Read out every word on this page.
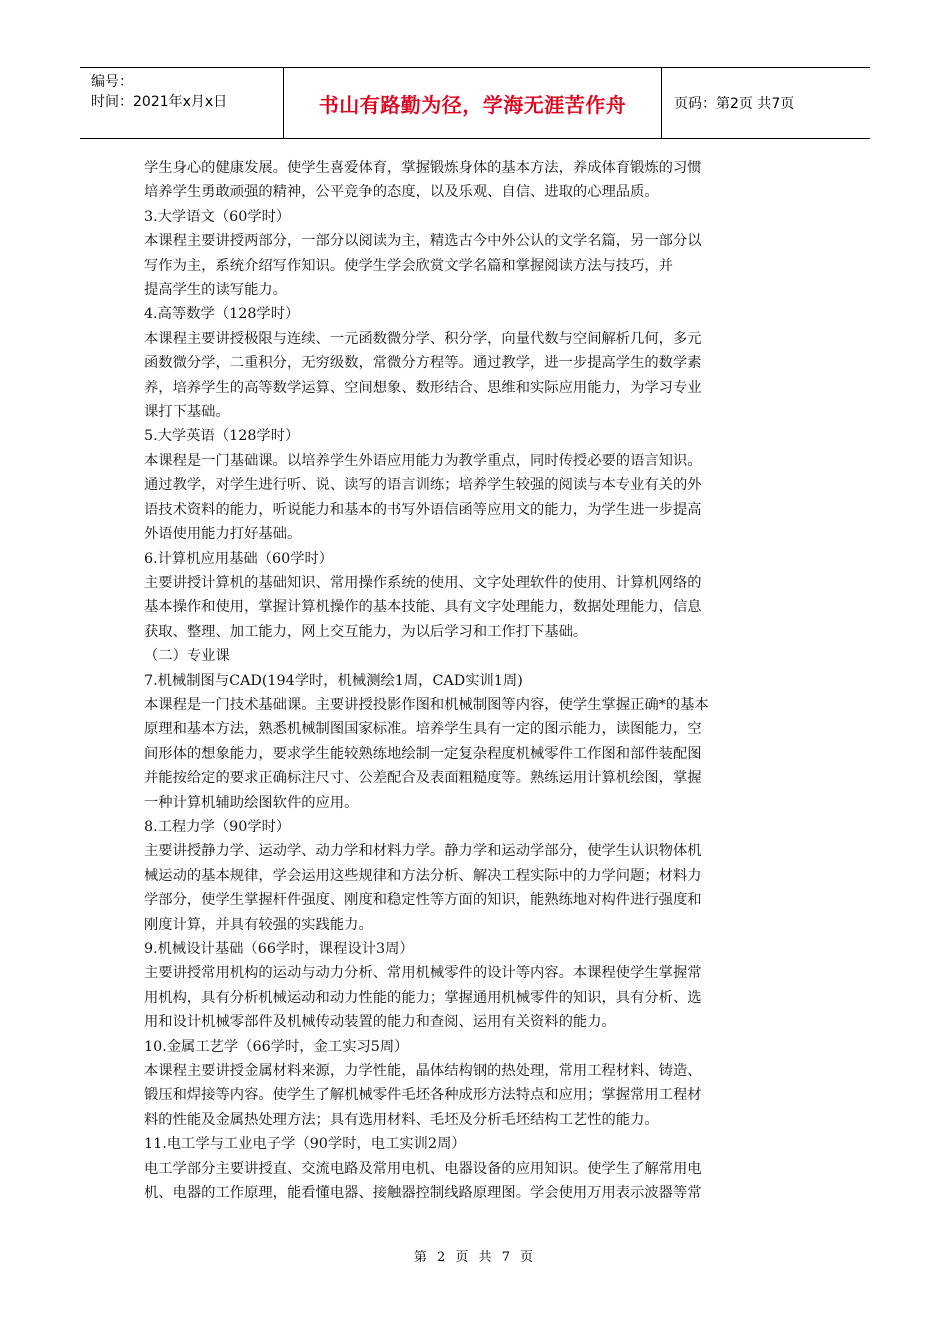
编号：
时间：2021年x月x日	书山有路勤为径，学海无涯苦作舟	页码：第2页 共7页

学生身心的健康发展。使学生喜爱体育，掌握锻炼身体的基本方法，养成体育锻炼的习惯

培养学生勇敢顽强的精神，公平竞争的态度，以及乐观、自信、进取的心理品质。

3.大学语文（60学时）

本课程主要讲授两部分，一部分以阅读为主，精选古今中外公认的文学名篇，另一部分以

写作为主，系统介绍写作知识。使学生学会欣赏文学名篇和掌握阅读方法与技巧，并

提高学生的读写能力。

4.高等数学（128学时）

本课程主要讲授极限与连续、一元函数微分学、积分学，向量代数与空间解析几何，多元

函数微分学，二重积分，无穷级数，常微分方程等。通过教学，进一步提高学生的数学素

养，培养学生的高等数学运算、空间想象、数形结合、思维和实际应用能力，为学习专业

课打下基础。

5.大学英语（128学时）

本课程是一门基础课。以培养学生外语应用能力为教学重点，同时传授必要的语言知识。

通过教学，对学生进行听、说、读写的语言训练；培养学生较强的阅读与本专业有关的外

语技术资料的能力，听说能力和基本的书写外语信函等应用文的能力，为学生进一步提高

外语使用能力打好基础。

6.计算机应用基础（60学时）

主要讲授计算机的基础知识、常用操作系统的使用、文字处理软件的使用、计算机网络的

基本操作和使用，掌握计算机操作的基本技能、具有文字处理能力，数据处理能力，信息

获取、整理、加工能力，网上交互能力，为以后学习和工作打下基础。

（二）专业课

7.机械制图与CAD(194学时，机械测绘1周，CAD实训1周)

本课程是一门技术基础课。主要讲授投影作图和机械制图等内容，使学生掌握正确*的基本

原理和基本方法，熟悉机械制图国家标准。培养学生具有一定的图示能力，读图能力，空

间形体的想象能力，要求学生能较熟练地绘制一定复杂程度机械零件工作图和部件装配图

并能按给定的要求正确标注尺寸、公差配合及表面粗糙度等。熟练运用计算机绘图，掌握

一种计算机辅助绘图软件的应用。

8.工程力学（90学时）

主要讲授静力学、运动学、动力学和材料力学。静力学和运动学部分，使学生认识物体机

械运动的基本规律，学会运用这些规律和方法分析、解决工程实际中的力学问题；材料力

学部分，使学生掌握杆件强度、刚度和稳定性等方面的知识，能熟练地对构件进行强度和

刚度计算，并具有较强的实践能力。

9.机械设计基础（66学时，课程设计3周）

主要讲授常用机构的运动与动力分析、常用机械零件的设计等内容。本课程使学生掌握常

用机构，具有分析机械运动和动力性能的能力；掌握通用机械零件的知识，具有分析、选

用和设计机械零部件及机械传动装置的能力和查阅、运用有关资料的能力。

10.金属工艺学（66学时，金工实习5周）

本课程主要讲授金属材料来源，力学性能，晶体结构钢的热处理，常用工程材料、铸造、

锻压和焊接等内容。使学生了解机械零件毛坯各种成形方法特点和应用；掌握常用工程材

料的性能及金属热处理方法；具有选用材料、毛坯及分析毛坯结构工艺性的能力。

11.电工学与工业电子学（90学时，电工实训2周）

电工学部分主要讲授直、交流电路及常用电机、电器设备的应用知识。使学生了解常用电

机、电器的工作原理，能看懂电器、接触器控制线路原理图。学会使用万用表示波器等常

第 2 页 共 7 页
